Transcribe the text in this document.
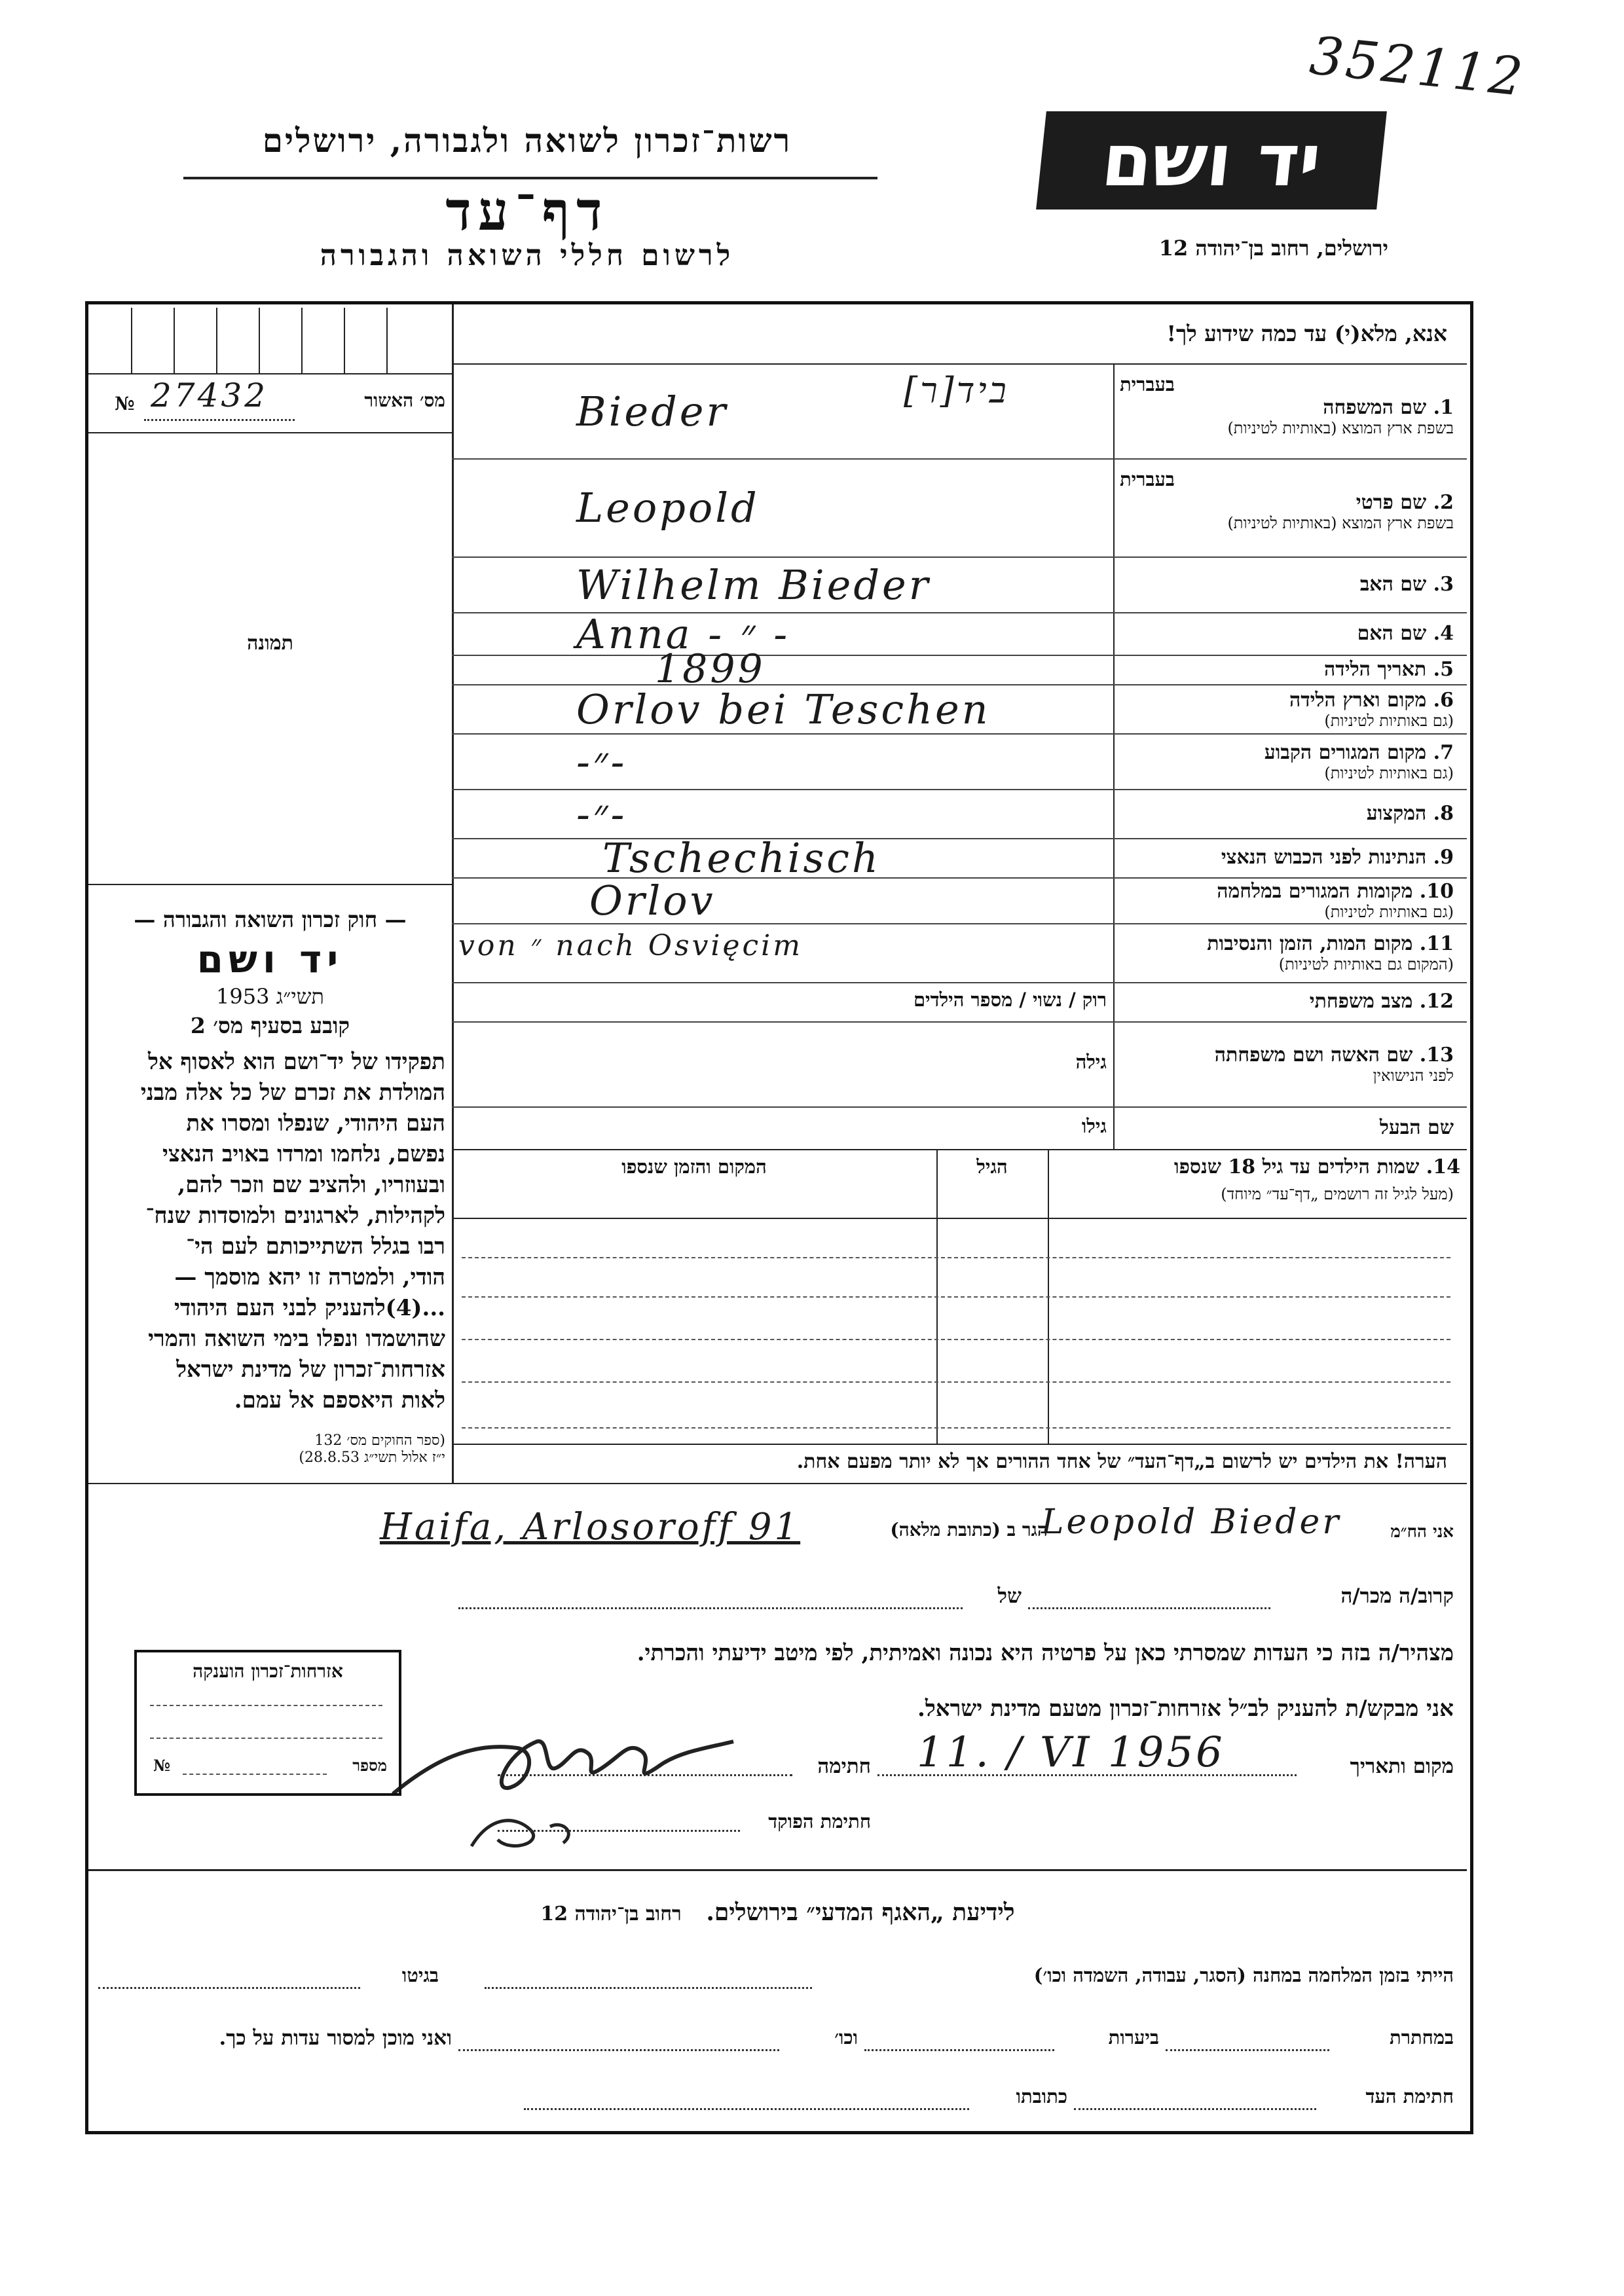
352112
יד ושם
ירושלים, רחוב בן־יהודה 12
רשות־זכרון לשואה ולגבורה, ירושלים
דף־עד
לרשום חללי השואה והגבורה
№ 27432	מס׳ האשור
תמונה
— חוק זכרון השואה והגבורה —
יד ושם
תשי״ג 1953
קובע בסעיף מס׳ 2
תפקידו של יד־ושם הוא לאסוף אל
המולדת את זכרם של כל אלה מבני
העם היהודי, שנפלו ומסרו את
נפשם, נלחמו ומרדו באויב הנאצי
ובעוזריו, ולהציב שם וזכר להם,
לקהילות, לארגונים ולמוסדות שנח־
רבו בגלל השתייכותם לעם הי־
הודי, ולמטרה זו יהא מוסמך —
...(4)להעניק לבני העם היהודי
שהושמדו ונפלו בימי השואה והמרי
אזרחות־זכרון של מדינת ישראל
לאות היאספם אל עמם.
(ספר החוקים מס׳ 132
י״ז אלול תשי״ג 28.8.53)
אנא, מלא(י) עד כמה שידוע לך!
בעברית
1. שם המשפחה
בשפת ארץ המוצא (באותיות לטיניות)
Bieder	ביד[ר]
בעברית
2. שם פרטי
בשפת ארץ המוצא (באותיות לטיניות)
Leopold
3. שם האב
Wilhelm Bieder
4. שם האם
Anna - ״ -
5. תאריך הלידה
1899
6. מקום וארץ הלידה
(גם באותיות לטיניות)
Orlov bei Teschen
7. מקום המגורים הקבוע
(גם באותיות לטיניות)
-״-
8. המקצוע
-״-
9. הנתינות לפני הכבוש הנאצי
Tschechisch
10. מקומות המגורים במלחמה
(גם באותיות לטיניות)
Orlov
11. מקום המות, הזמן והנסיבות
(המקום גם באותיות לטיניות)
von ״ nach Osvięcim
12. מצב משפחתי
רוק / נשוי / מספר הילדים
13. שם האשה ושם משפחתה
לפני הנישואין
גילה
שם הבעל
גילו
14. שמות הילדים עד גיל 18 שנספו
(מעל לגיל זה רושמים „דף־עד״ מיוחד)
הגיל
המקום והזמן שנספו
הערה! את הילדים יש לרשום ב„דף־העד״ של אחד ההורים אך לא יותר מפעם אחת.
Haifa, Arlosoroff 91	הגר ב (כתובת מלאה)
Leopold Bieder	אני הח״מ
קרוב/ה מכר/ה
של
מצהיר/ה בזה כי העדות שמסרתי כאן על פרטיה היא נכונה ואמיתית, לפי מיטב ידיעתי והכרתי.
אני מבקש/ת להעניק לב״ל אזרחות־זכרון מטעם מדינת ישראל.
מקום ותאריך
11. / VI 1956
חתימה
חתימת הפוקד
אזרחות־זכרון הוענקה
№	מספר
לידיעת „האגף המדעי״ בירושלים.   רחוב בן־יהודה 12
הייתי בזמן המלחמה במחנה (הסגר, עבודה, השמדה וכו׳)
בגיטו
במחתרת
ביערות
וכו׳
ואני מוכן למסור עדות על כך.
חתימת העד
כתובתו
